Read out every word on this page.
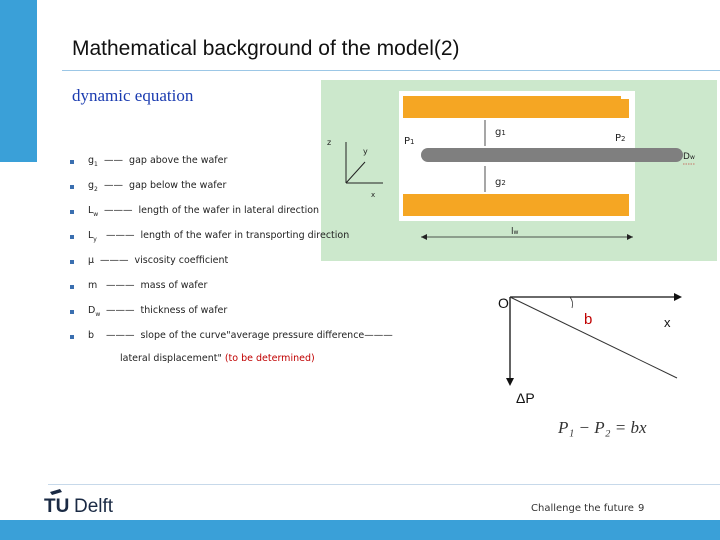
Mathematical background of the model(2)
dynamic equation
z
y
x
P1	P2
g1
g2
Dw
lw
$g_1$ —— gap above the wafer
$g_2$ —— gap below the wafer
$L_w$ ——— length of the wafer in lateral direction
$L_y$ ——— length of the wafer in transporting direction
μ ——— viscosity coefficient
m ——— mass of wafer
$D_w$ ——— thickness of wafer
b ——— slope of the curve"average pressure difference———
lateral displacement" (to be determined)
O
x
b
ΔP
P₁ − P₂ = bx
TU Delft	Challenge the future 9
